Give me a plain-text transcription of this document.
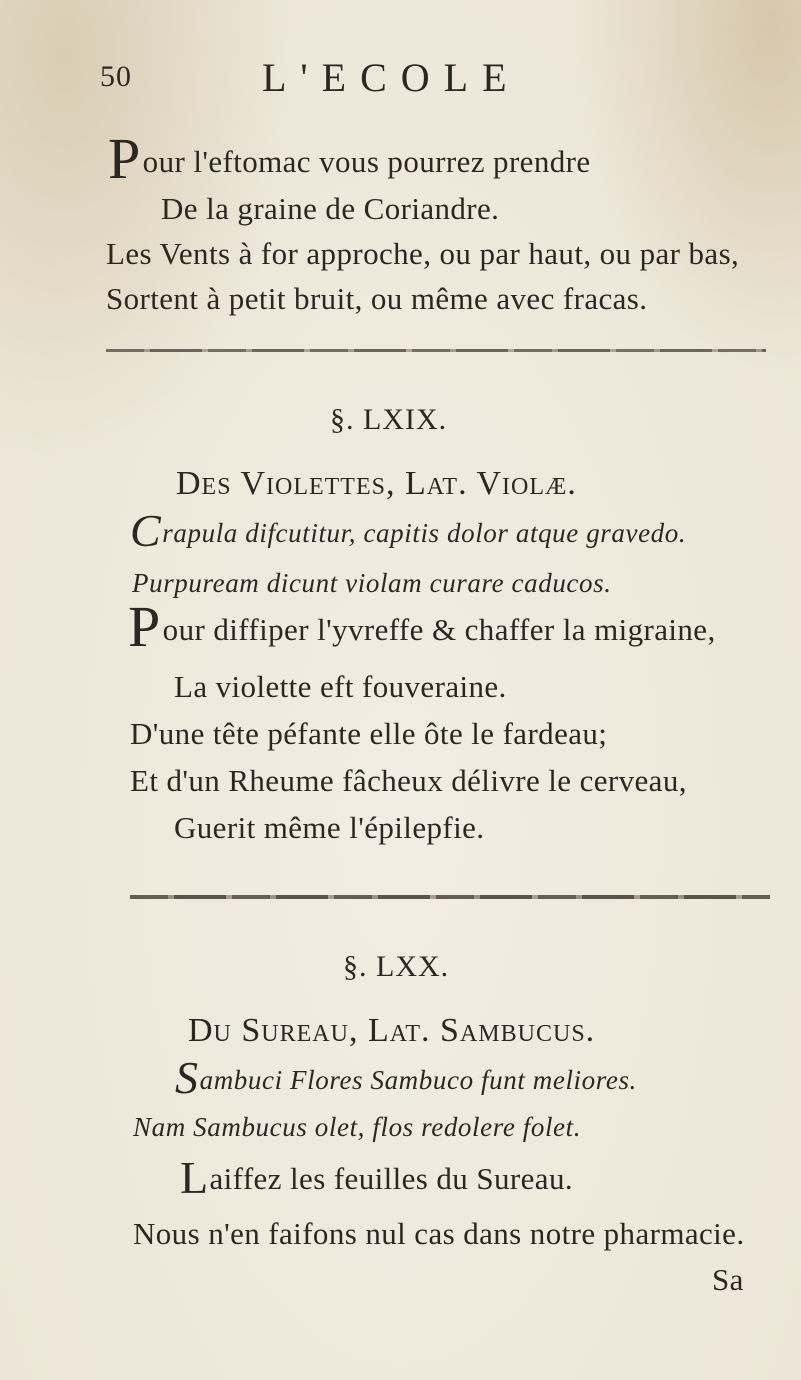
50	L'ECOLE
Pour l'eftomac vous pourrez prendre
De la graine de Coriandre.
Les Vents à for approche, ou par haut, ou par bas,
Sortent à petit bruit, ou même avec fracas.
§. LXIX.
Des Violettes, Lat. Violæ.
Crapula difcutitur, capitis dolor atque gravedo.
Purpuream dicunt violam curare caducos.
Pour diffiper l'yvreffe & chaffer la migraine,
La violette eft fouveraine.
D'une tête péfante elle ôte le fardeau;
Et d'un Rheume fâcheux délivre le cerveau,
Guerit même l'épilepfie.
§. LXX.
Du Sureau, Lat. Sambucus.
Sambuci Flores Sambuco funt meliores.
Nam Sambucus olet, flos redolere folet.
Laiffez les feuilles du Sureau.
Nous n'en faifons nul cas dans notre pharmacie.
Sa
